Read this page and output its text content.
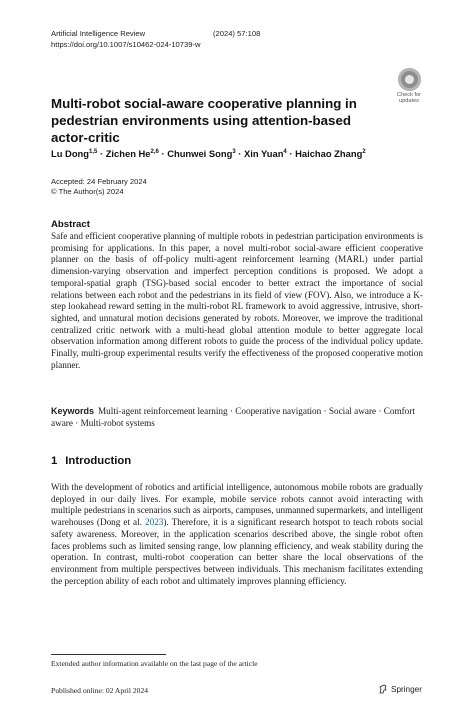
Artificial Intelligence Review	(2024) 57:108
https://doi.org/10.1007/s10462-024-10739-w
Check for
updates
Multi-robot social-aware cooperative planning in pedestrian environments using attention-based actor-critic
Lu Dong$^{1,5}$ · Zichen He$^{2,6}$ · Chunwei Song$^3$ · Xin Yuan$^4$ · Haichao Zhang$^2$
Accepted: 24 February 2024
© The Author(s) 2024
Abstract

Safe and efficient cooperative planning of multiple robots in pedestrian participation environments is promising for applications. In this paper, a novel multi-robot social-aware efficient cooperative planner on the basis of off-policy multi-agent reinforcement learning (MARL) under partial dimension-varying observation and imperfect perception conditions is proposed. We adopt a temporal-spatial graph (TSG)-based social encoder to better extract the importance of social relations between each robot and the pedestrians in its field of view (FOV). Also, we introduce a K-step lookahead reward setting in the multi-robot RL framework to avoid aggressive, intrusive, short-sighted, and unnatural motion decisions generated by robots. Moreover, we improve the traditional centralized critic network with a multi-head global attention module to better aggregate local observation information among different robots to guide the process of the individual policy update. Finally, multi-group experimental results verify the effectiveness of the proposed cooperative motion planner.

Keywords Multi-agent reinforcement learning · Cooperative navigation · Social aware · Comfort aware · Multi-robot systems
1 Introduction

With the development of robotics and artificial intelligence, autonomous mobile robots are gradually deployed in our daily lives. For example, mobile service robots cannot avoid interacting with multiple pedestrians in scenarios such as airports, campuses, unmanned supermarkets, and intelligent warehouses (Dong et al. 2023). Therefore, it is a significant research hotspot to teach robots social safety awareness. Moreover, in the application scenarios described above, the single robot often faces problems such as limited sensing range, low planning efficiency, and weak stability during the operation. In contrast, multi-robot cooperation can better share the local observations of the environment from multiple perspectives between individuals. This mechanism facilitates extending the perception ability of each robot and ultimately improves planning efficiency.

Extended author information available on the last page of the article
Published online: 02 April 2024	Springer
